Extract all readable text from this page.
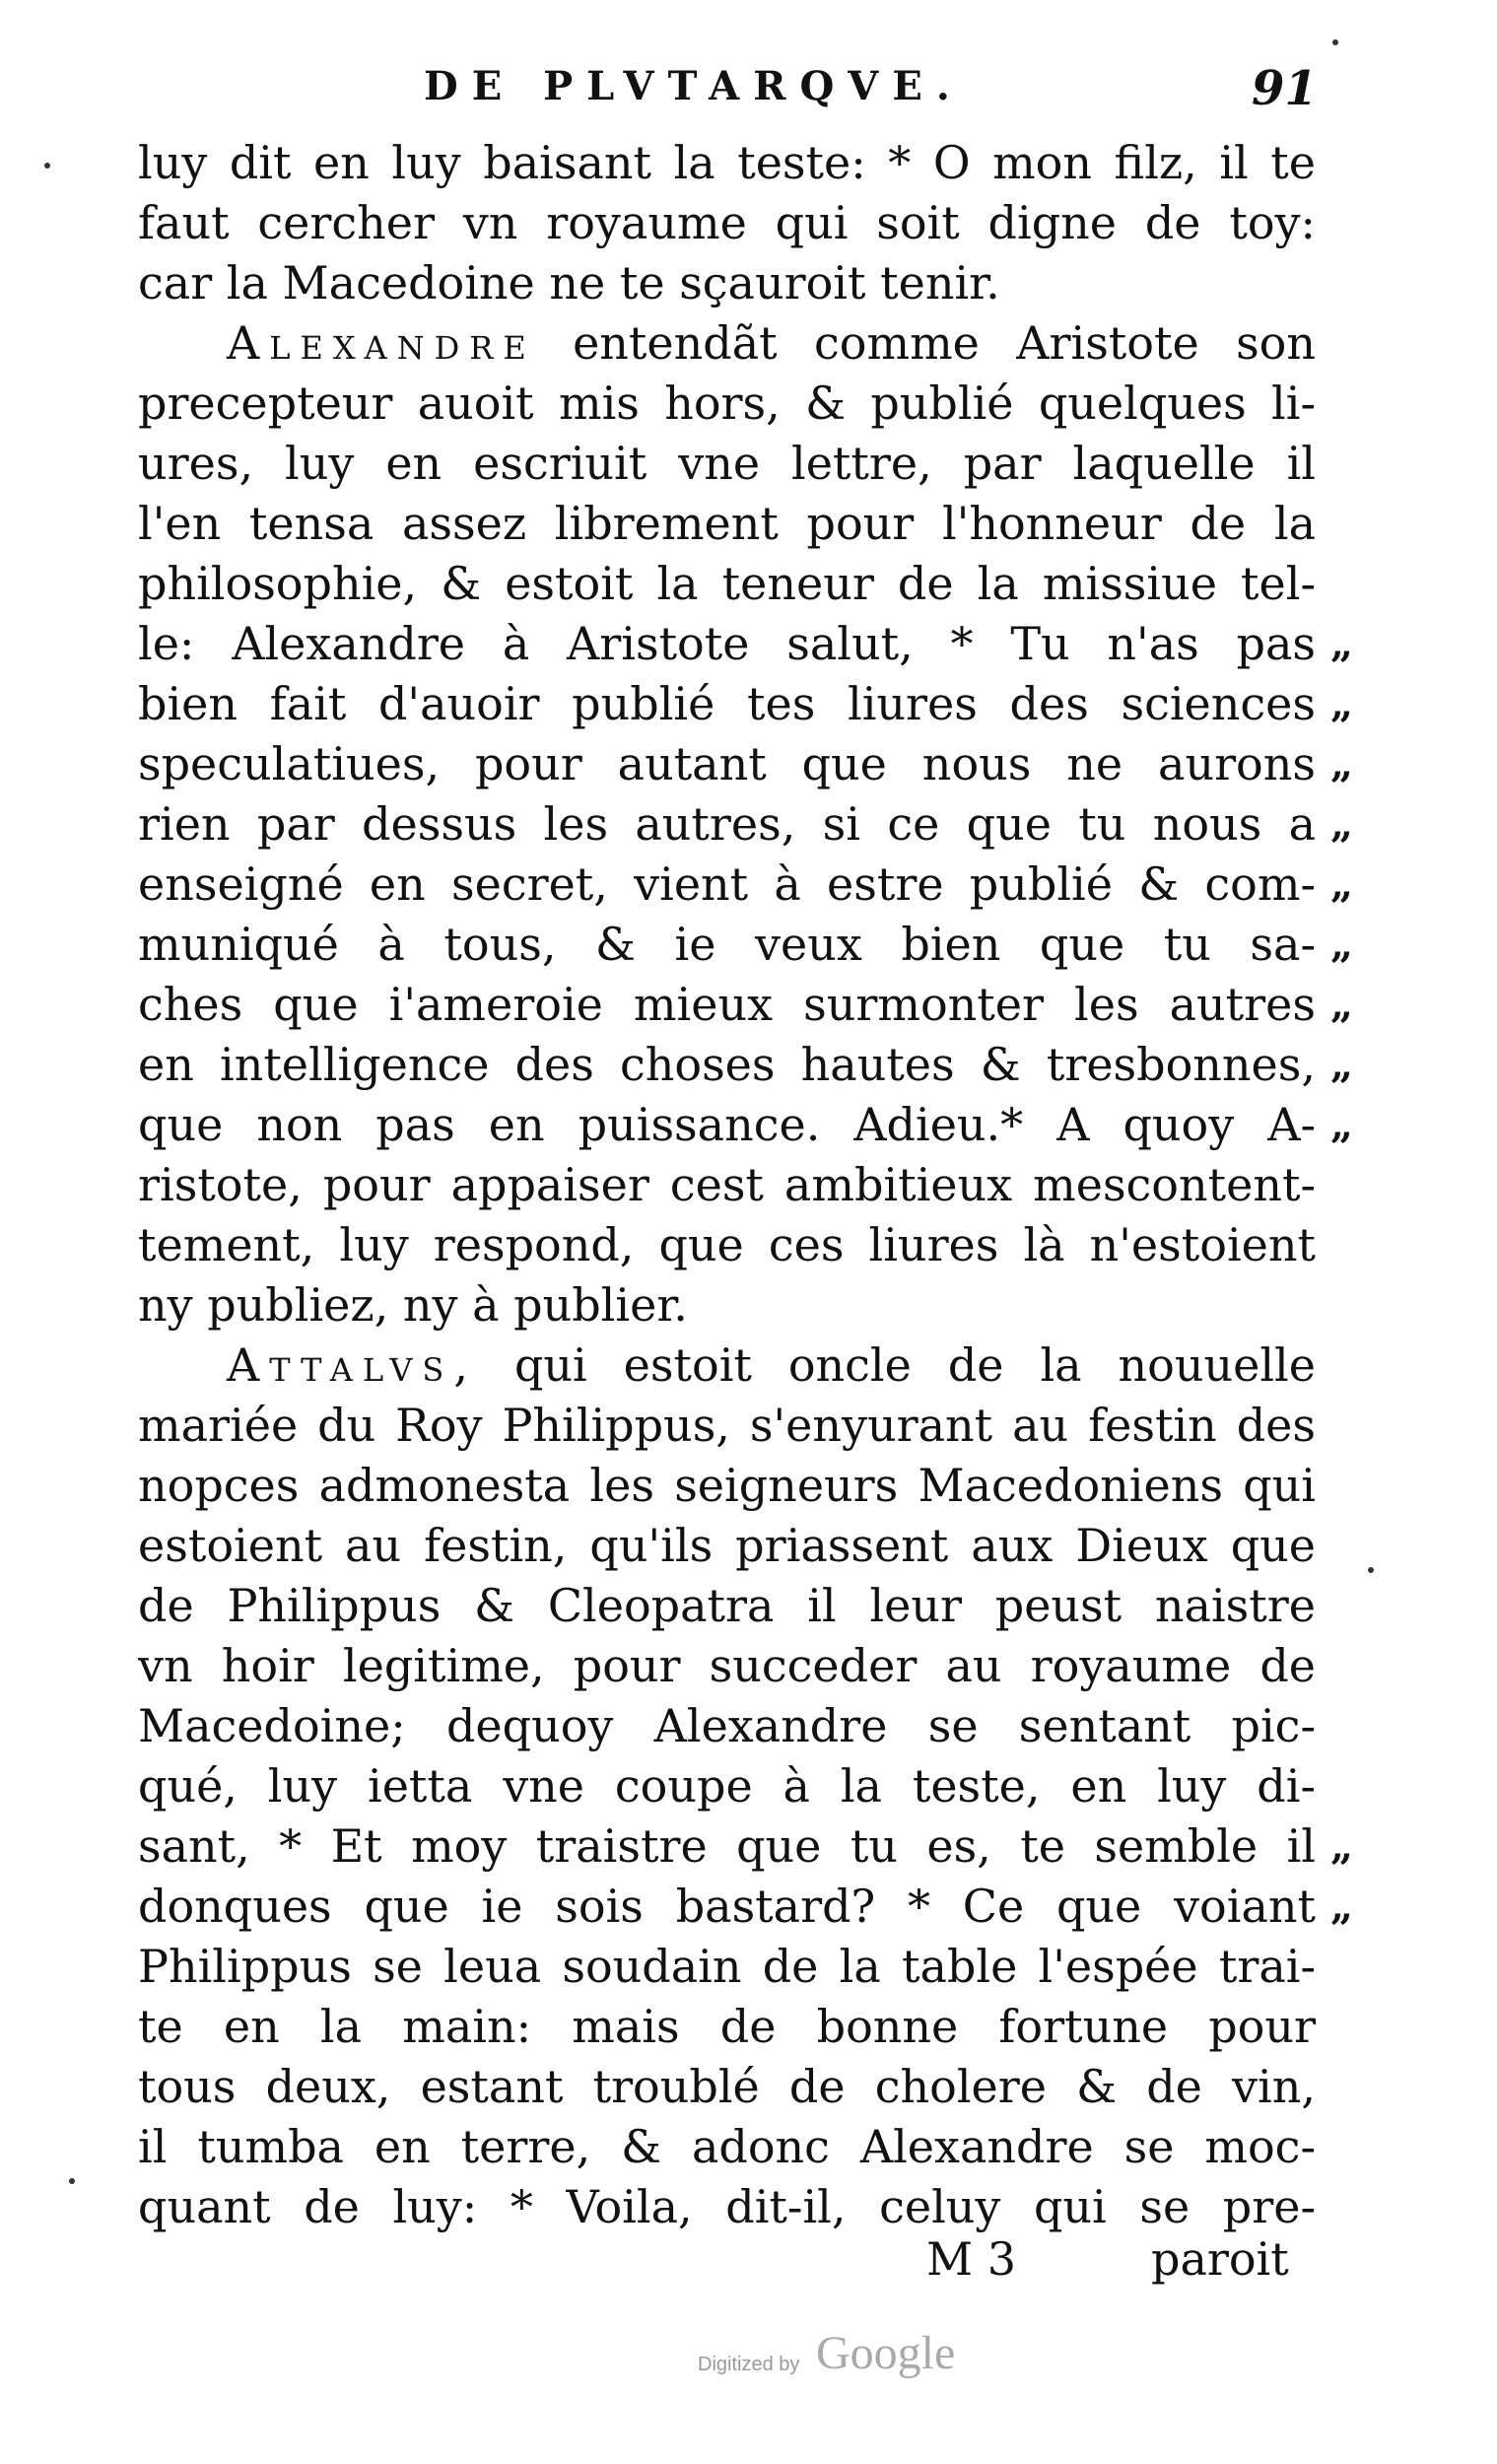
DE PLVTARQVE.	91
luy dit en luy baisant la teste: * O mon filz, il te
faut cercher vn royaume qui soit digne de toy:
car la Macedoine ne te sçauroit tenir.
Alexandre entendãt comme Aristote son
precepteur auoit mis hors, & publié quelques li-
ures, luy en escriuit vne lettre, par laquelle il
l'en tensa assez librement pour l'honneur de la
philosophie, & estoit la teneur de la missiue tel-
le: Alexandre à Aristote salut, * Tu n'as pas
bien fait d'auoir publié tes liures des sciences
speculatiues, pour autant que nous ne aurons
rien par dessus les autres, si ce que tu nous a
enseigné en secret, vient à estre publié & com-
muniqué à tous, & ie veux bien que tu sa-
ches que i'ameroie mieux surmonter les autres
en intelligence des choses hautes & tresbonnes,
que non pas en puissance. Adieu.* A quoy A-
ristote, pour appaiser cest ambitieux mescontent-
tement, luy respond, que ces liures là n'estoient
ny publiez, ny à publier.
Attalvs, qui estoit oncle de la nouuelle
mariée du Roy Philippus, s'enyurant au festin des
nopces admonesta les seigneurs Macedoniens qui
estoient au festin, qu'ils priassent aux Dieux que
de Philippus & Cleopatra il leur peust naistre
vn hoir legitime, pour succeder au royaume de
Macedoine; dequoy Alexandre se sentant pic-
qué, luy ietta vne coupe à la teste, en luy di-
sant, * Et moy traistre que tu es, te semble il
donques que ie sois bastard? * Ce que voiant
Philippus se leua soudain de la table l'espée trai-
te en la main: mais de bonne fortune pour
tous deux, estant troublé de cholere & de vin,
il tumba en terre, & adonc Alexandre se moc-
quant de luy: * Voila, dit-il, celuy qui se pre-
„
„
„
„
„
„
„
„
„
„
„
M 3	paroit
Digitized by Google
